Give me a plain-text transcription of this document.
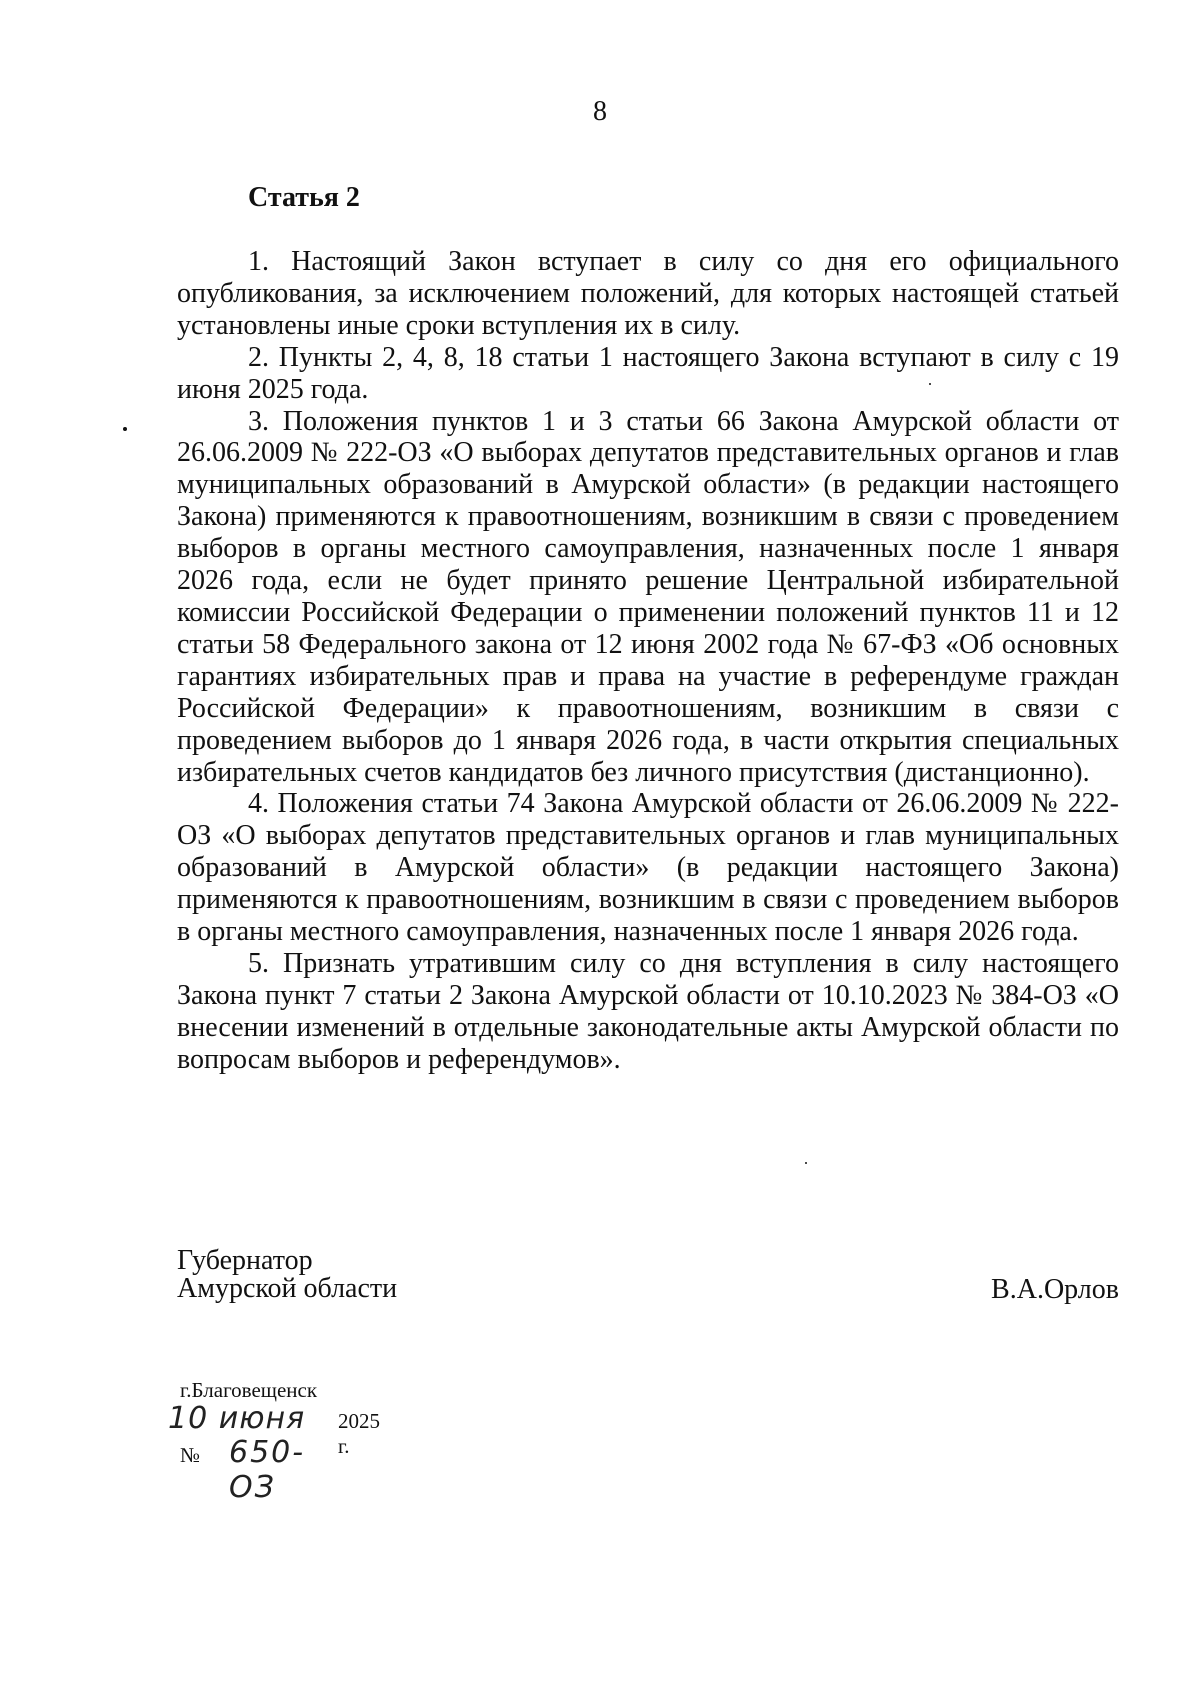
8
Статья 2

1. Настоящий Закон вступает в силу со дня его официального опубликования, за исключением положений, для которых настоящей статьей установлены иные сроки вступления их в силу.

2. Пункты 2, 4, 8, 18 статьи 1 настоящего Закона вступают в силу с 19 июня 2025 года.

3. Положения пунктов 1 и 3 статьи 66 Закона Амурской области от 26.06.2009 № 222-ОЗ «О выборах депутатов представительных органов и глав муниципальных образований в Амурской области» (в редакции настоящего Закона) применяются к правоотношениям, возникшим в связи с проведением выборов в органы местного самоуправления, назначенных после 1 января 2026 года, если не будет принято решение Центральной избирательной комиссии Российской Федерации о применении положений пунктов 11 и 12 статьи 58 Федерального закона от 12 июня 2002 года № 67-ФЗ «Об основных гарантиях избирательных прав и права на участие в референдуме граждан Российской Федерации» к правоотношениям, возникшим в связи с проведением выборов до 1 января 2026 года, в части открытия специальных избирательных счетов кандидатов без личного присутствия (дистанционно).

4. Положения статьи 74 Закона Амурской области от 26.06.2009 № 222-ОЗ «О выборах депутатов представительных органов и глав муниципальных образований в Амурской области» (в редакции настоящего Закона) применяются к правоотношениям, возникшим в связи с проведением выборов в органы местного самоуправления, назначенных после 1 января 2026 года.

5. Признать утратившим силу со дня вступления в силу настоящего Закона пункт 7 статьи 2 Закона Амурской области от 10.10.2023 № 384-ОЗ «О внесении изменений в отдельные законодательные акты Амурской области по вопросам выборов и референдумов».

Губернатор
Амурской области	В.А.Орлов
г.Благовещенск
10 июня 2025 г.
№ 650-ОЗ
